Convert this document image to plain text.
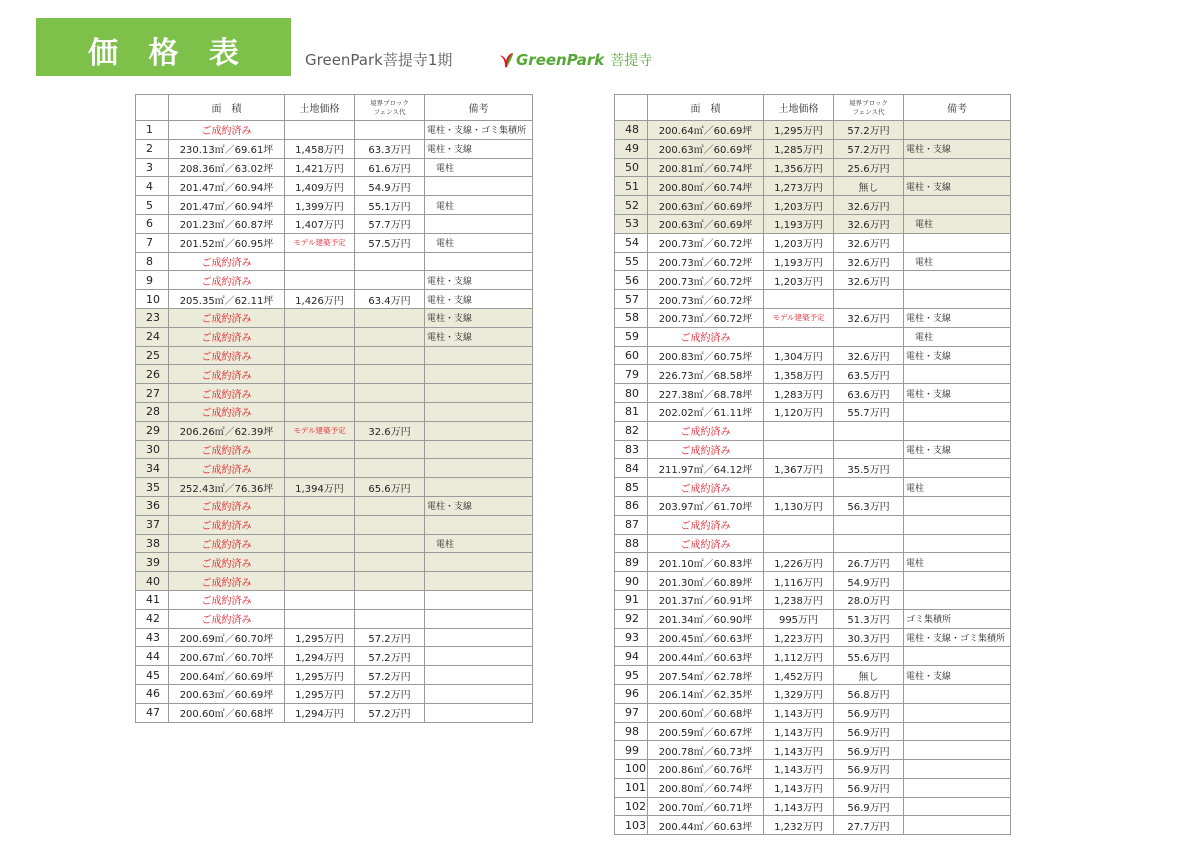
価 格 表	GreenPark菩提寺1期	GreenPark 菩提寺
	面　積	土地価格	境界ブロック
フェンス代	備考
1	ご成約済み			電柱・支線・ゴミ集積所
2	230.13㎡／69.61坪	1,458万円	63.3万円	電柱・支線
3	208.36㎡／63.02坪	1,421万円	61.6万円	　電柱
4	201.47㎡／60.94坪	1,409万円	54.9万円	
5	201.47㎡／60.94坪	1,399万円	55.1万円	　電柱
6	201.23㎡／60.87坪	1,407万円	57.7万円	
7	201.52㎡／60.95坪	モデル建築予定	57.5万円	　電柱
8	ご成約済み			
9	ご成約済み			電柱・支線
10	205.35㎡／62.11坪	1,426万円	63.4万円	電柱・支線
23	ご成約済み			電柱・支線
24	ご成約済み			電柱・支線
25	ご成約済み			
26	ご成約済み			
27	ご成約済み			
28	ご成約済み			
29	206.26㎡／62.39坪	モデル建築予定	32.6万円	
30	ご成約済み			
34	ご成約済み			
35	252.43㎡／76.36坪	1,394万円	65.6万円	
36	ご成約済み			電柱・支線
37	ご成約済み			
38	ご成約済み			　電柱
39	ご成約済み			
40	ご成約済み			
41	ご成約済み			
42	ご成約済み			
43	200.69㎡／60.70坪	1,295万円	57.2万円	
44	200.67㎡／60.70坪	1,294万円	57.2万円	
45	200.64㎡／60.69坪	1,295万円	57.2万円	
46	200.63㎡／60.69坪	1,295万円	57.2万円	
47	200.60㎡／60.68坪	1,294万円	57.2万円	
	面　積	土地価格	境界ブロック
フェンス代	備考
48	200.64㎡／60.69坪	1,295万円	57.2万円	
49	200.63㎡／60.69坪	1,285万円	57.2万円	電柱・支線
50	200.81㎡／60.74坪	1,356万円	25.6万円	
51	200.80㎡／60.74坪	1,273万円	無し	電柱・支線
52	200.63㎡／60.69坪	1,203万円	32.6万円	
53	200.63㎡／60.69坪	1,193万円	32.6万円	　電柱
54	200.73㎡／60.72坪	1,203万円	32.6万円	
55	200.73㎡／60.72坪	1,193万円	32.6万円	　電柱
56	200.73㎡／60.72坪	1,203万円	32.6万円	
57	200.73㎡／60.72坪			
58	200.73㎡／60.72坪	モデル建築予定	32.6万円	電柱・支線
59	ご成約済み			　電柱
60	200.83㎡／60.75坪	1,304万円	32.6万円	電柱・支線
79	226.73㎡／68.58坪	1,358万円	63.5万円	
80	227.38㎡／68.78坪	1,283万円	63.6万円	電柱・支線
81	202.02㎡／61.11坪	1,120万円	55.7万円	
82	ご成約済み			
83	ご成約済み			電柱・支線
84	211.97㎡／64.12坪	1,367万円	35.5万円	
85	ご成約済み			電柱
86	203.97㎡／61.70坪	1,130万円	56.3万円	
87	ご成約済み			
88	ご成約済み			
89	201.10㎡／60.83坪	1,226万円	26.7万円	電柱
90	201.30㎡／60.89坪	1,116万円	54.9万円	
91	201.37㎡／60.91坪	1,238万円	28.0万円	
92	201.34㎡／60.90坪	995万円	51.3万円	ゴミ集積所
93	200.45㎡／60.63坪	1,223万円	30.3万円	電柱・支線・ゴミ集積所
94	200.44㎡／60.63坪	1,112万円	55.6万円	
95	207.54㎡／62.78坪	1,452万円	無し	電柱・支線
96	206.14㎡／62.35坪	1,329万円	56.8万円	
97	200.60㎡／60.68坪	1,143万円	56.9万円	
98	200.59㎡／60.67坪	1,143万円	56.9万円	
99	200.78㎡／60.73坪	1,143万円	56.9万円	
100	200.86㎡／60.76坪	1,143万円	56.9万円	
101	200.80㎡／60.74坪	1,143万円	56.9万円	
102	200.70㎡／60.71坪	1,143万円	56.9万円	
103	200.44㎡／60.63坪	1,232万円	27.7万円	
